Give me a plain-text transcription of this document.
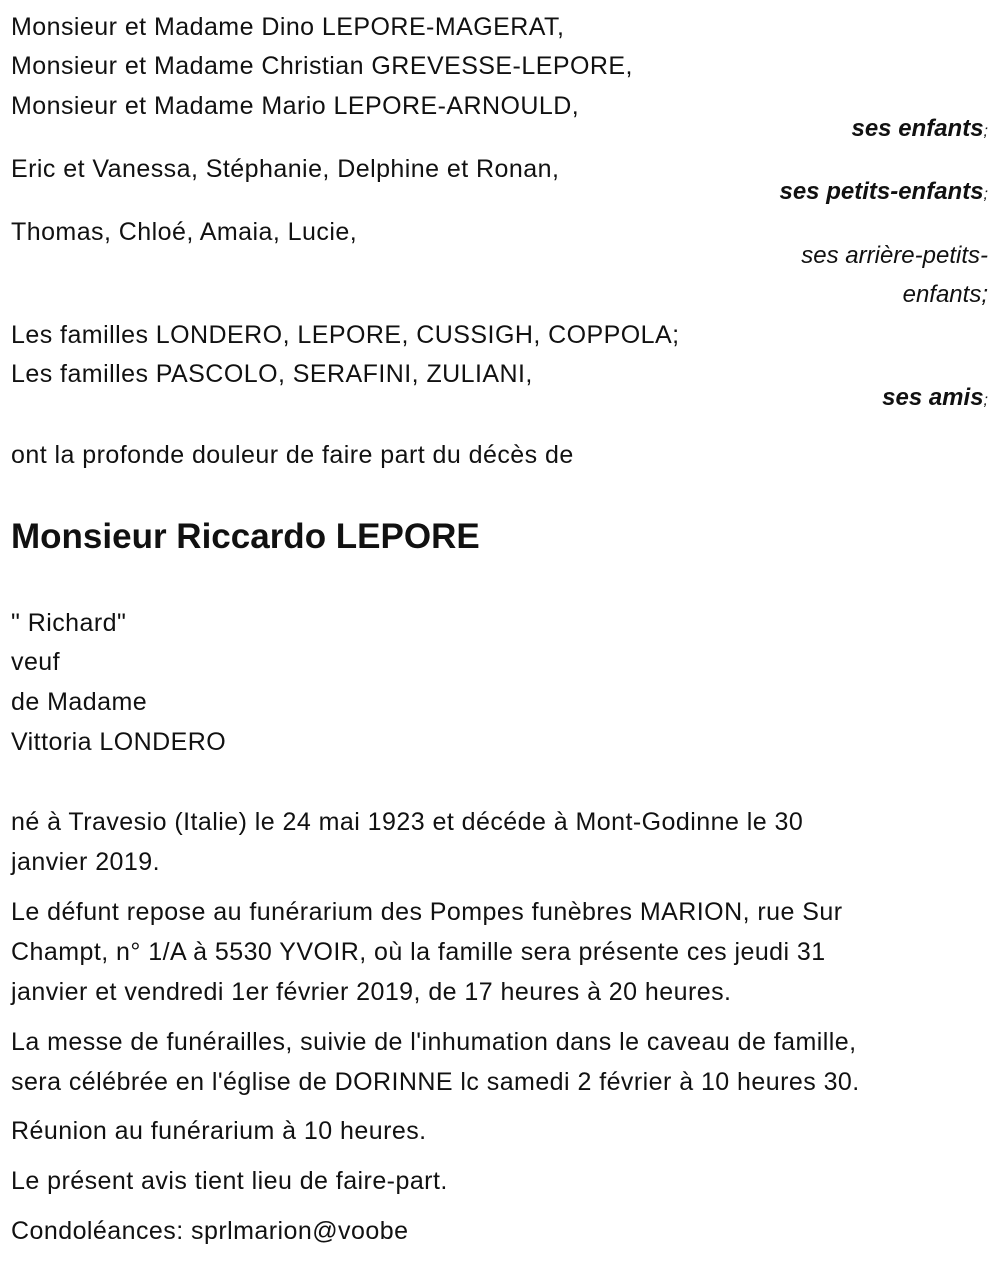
Monsieur et Madame Dino LEPORE-MAGERAT,
Monsieur et Madame Christian GREVESSE-LEPORE,
Monsieur et Madame Mario LEPORE-ARNOULD,
ses enfants;
Eric et Vanessa, Stéphanie, Delphine et Ronan,
ses petits-enfants;
Thomas, Chloé, Amaia, Lucie,
ses arrière-petits-
enfants;
Les familles LONDERO, LEPORE, CUSSIGH, COPPOLA;
Les familles PASCOLO, SERAFINI, ZULIANI,
ses amis;
ont la profonde douleur de faire part du décès de
Monsieur Riccardo LEPORE
" Richard"
veuf
de Madame
Vittoria LONDERO
né à Travesio (Italie) le 24 mai 1923 et décéde à Mont-Godinne le 30
janvier 2019.
Le défunt repose au funérarium des Pompes funèbres MARION, rue Sur
Champt, n° 1/A à 5530 YVOIR, où la famille sera présente ces jeudi 31
janvier et vendredi 1er février 2019, de 17 heures à 20 heures.
La messe de funérailles, suivie de l'inhumation dans le caveau de famille,
sera célébrée en l'église de DORINNE lc samedi 2 février à 10 heures 30.
Réunion au funérarium à 10 heures.
Le présent avis tient lieu de faire-part.
Condoléances: sprlmarion@voobe
